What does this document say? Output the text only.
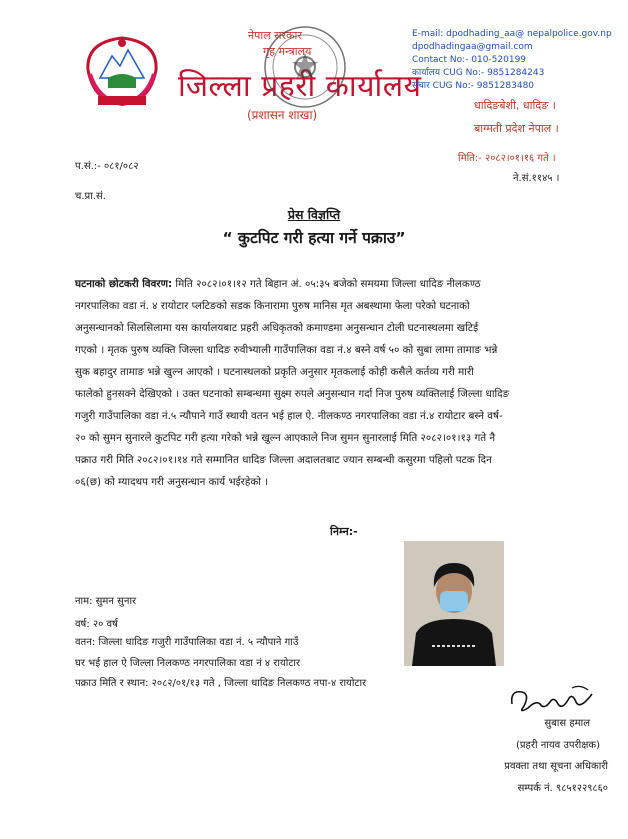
नेपाल सरकार
गृह मन्त्रालय
जिल्ला प्रहरी कार्यालय
(प्रशासन शाखा)
E-mail: dpodhading_aa@ nepalpolice.gov.np
dpodhadingaa@gmail.com
Contact No:- 010-520199
कार्यालय CUG No:- 9851284243
संचार CUG No:- 9851283480
धादिङबेशी, धादिङ ।
बाग्मती प्रदेश नेपाल ।
प.सं.:- ०८१/०८२
च.प्रा.सं.
मिति:- २०८२।०१।१६ गते ।
ने.सं.११४५ ।
प्रेस विज्ञप्ति
“ कुटपिट गरी हत्या गर्ने पक्राउ”
घटनाको छोटकरी विवरण: मिति २०८२।०१।१२ गते बिहान अं. ०५:३५ बजेको समयमा जिल्ला धादिङ नीलकण्ठ
नगरपालिका वडा नं. ४ रायोटार प्लटिङको सडक किनारामा पुरुष मानिस मृत अबस्थामा फेला परेको घटनाको
अनुसन्धानको सिलसिलामा यस कार्यालयबाट प्रहरी अधिकृतको कमाण्डमा अनुसन्धान टोली घटनास्थलमा खटिई
गएको । मृतक पुरुष व्यक्ति जिल्ला धादिङ रुवीभ्याली गाउँपालिका वडा नं.४ बस्ने वर्ष ५० को सुबा लामा तामाङ भन्ने
सुक बहादुर तामाङ भन्ने खुल्न आएको । घटनास्थलको प्रकृति अनुसार मृतकलाई कोही कसैले कर्तव्य गरी मारी
फालेको हुनसक्ने देखिएको । उक्त घटनाको सम्बन्धमा सुक्ष्म रुपले अनुसन्धान गर्दा निज पुरुष व्यक्तिलाई जिल्ला धादिङ
गजुरी गाउँपालिका वडा नं.५ न्यौपाने गाउँ स्थायी वतन भई हाल ऐ. नीलकण्ठ नगरपालिका वडा नं.४ रायोटार बस्ने वर्ष-
२० को सुमन सुनारले कुटपिट गरी हत्या गरेको भन्ने खुल्न आएकाले निज सुमन सुनारलाई मिति २०८२।०१।१३ गते नै
पक्राउ गरी मिति २०८२।०१।१४ गते सम्मानित धादिङ जिल्ला अदालतबाट ज्यान सम्बन्धी कसुरमा पहिलो पटक दिन
०६(छ) को म्यादथप गरी अनुसन्धान कार्य भईरहेको ।
निम्न:-
नाम: सुमन सुनार
वर्ष: २० वर्ष
वतन: जिल्ला धादिङ गजुरी गाउँपालिका वडा नं. ५ न्यौपाने गाउँ
घर भई हाल ऐ जिल्ला निलकण्ठ नगरपालिका वडा नं ४ रायोटार
पक्राउ मिति र स्थान: २०८२/०१/१३ गते , जिल्ला धादिङ निलकण्ठ नपा-४ रायोटार
सुबास हमाल
(प्रहरी नायव उपरीक्षक)
प्रवक्ता तथा सूचना अधिकारी
सम्पर्क नं. ९८५१२२९८६०
